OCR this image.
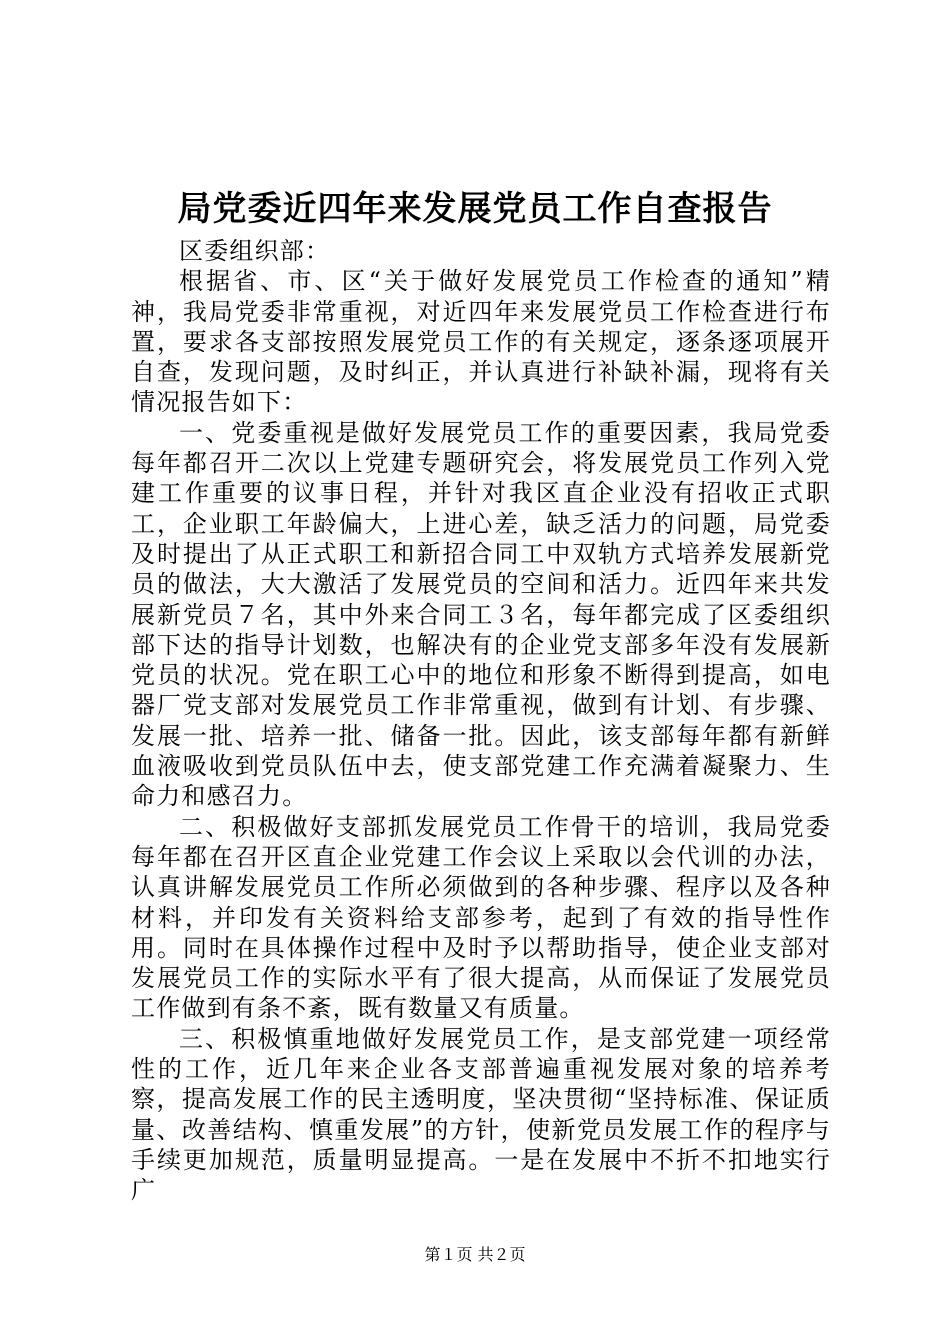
局党委近四年来发展党员工作自查报告

区委组织部：

根据省、市、区“关于做好发展党员工作检查的通知”精神，我局党委非常重视，对近四年来发展党员工作检查进行布置，要求各支部按照发展党员工作的有关规定，逐条逐项展开自查，发现问题，及时纠正，并认真进行补缺补漏，现将有关情况报告如下：

一、党委重视是做好发展党员工作的重要因素，我局党委每年都召开二次以上党建专题研究会，将发展党员工作列入党建工作重要的议事日程，并针对我区直企业没有招收正式职工，企业职工年龄偏大，上进心差，缺乏活力的问题，局党委及时提出了从正式职工和新招合同工中双轨方式培养发展新党员的做法，大大激活了发展党员的空间和活力。近四年来共发展新党员７名，其中外来合同工３名，每年都完成了区委组织部下达的指导计划数，也解决有的企业党支部多年没有发展新党员的状况。党在职工心中的地位和形象不断得到提高，如电器厂党支部对发展党员工作非常重视，做到有计划、有步骤、发展一批、培养一批、储备一批。因此，该支部每年都有新鲜血液吸收到党员队伍中去，使支部党建工作充满着凝聚力、生命力和感召力。

二、积极做好支部抓发展党员工作骨干的培训，我局党委每年都在召开区直企业党建工作会议上采取以会代训的办法，认真讲解发展党员工作所必须做到的各种步骤、程序以及各种材料，并印发有关资料给支部参考，起到了有效的指导性作用。同时在具体操作过程中及时予以帮助指导，使企业支部对发展党员工作的实际水平有了很大提高，从而保证了发展党员工作做到有条不紊，既有数量又有质量。

三、积极慎重地做好发展党员工作，是支部党建一项经常性的工作，近几年来企业各支部普遍重视发展对象的培养考察，提高发展工作的民主透明度，坚决贯彻“坚持标准、保证质量、改善结构、慎重发展”的方针，使新党员发展工作的程序与手续更加规范，质量明显提高。一是在发展中不折不扣地实行广

第１页 共２页
